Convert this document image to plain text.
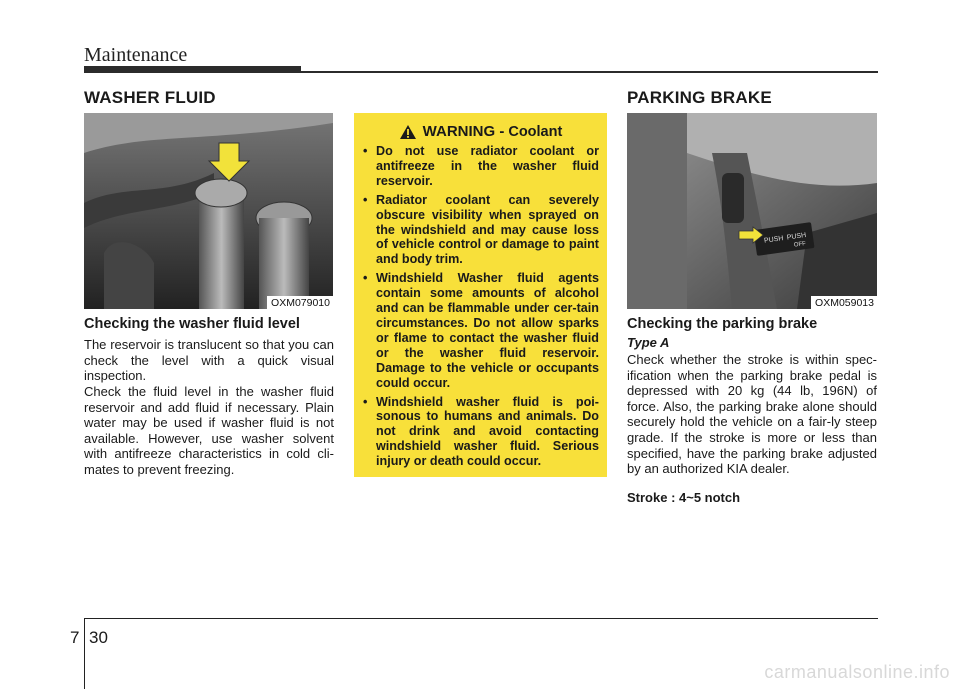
Maintenance
WASHER FLUID
OXM079010
Checking the washer fluid level
The reservoir is translucent so that you can check the level with a quick visual inspection.
Check the fluid level in the washer fluid reservoir and add fluid if necessary. Plain water may be used if washer fluid is not available. However, use washer solvent with antifreeze characteristics in cold cli-mates to prevent freezing.
WARNING - Coolant
• Do not use radiator coolant or antifreeze in the washer fluid reservoir.
• Radiator coolant can severely obscure visibility when sprayed on the windshield and may cause loss of vehicle control or damage to paint and body trim.
• Windshield Washer fluid agents contain some amounts of alcohol and can be flammable under cer-tain circumstances. Do not allow sparks or flame to contact the washer fluid or the washer fluid reservoir. Damage to the vehicle or occupants could occur.
• Windshield washer fluid is poi-sonous to humans and animals. Do not drink and avoid contacting windshield washer fluid. Serious injury or death could occur.
PARKING BRAKE
PUSH PUSH
OFF
OXM059013
Checking the parking brake
Type A
Check whether the stroke is within spec-ification when the parking brake pedal is depressed with 20 kg (44 lb, 196N) of force. Also, the parking brake alone should securely hold the vehicle on a fair-ly steep grade. If the stroke is more or less than specified, have the parking brake adjusted by an authorized KIA dealer.
Stroke : 4~5 notch
7 30
carmanualsonline.info
